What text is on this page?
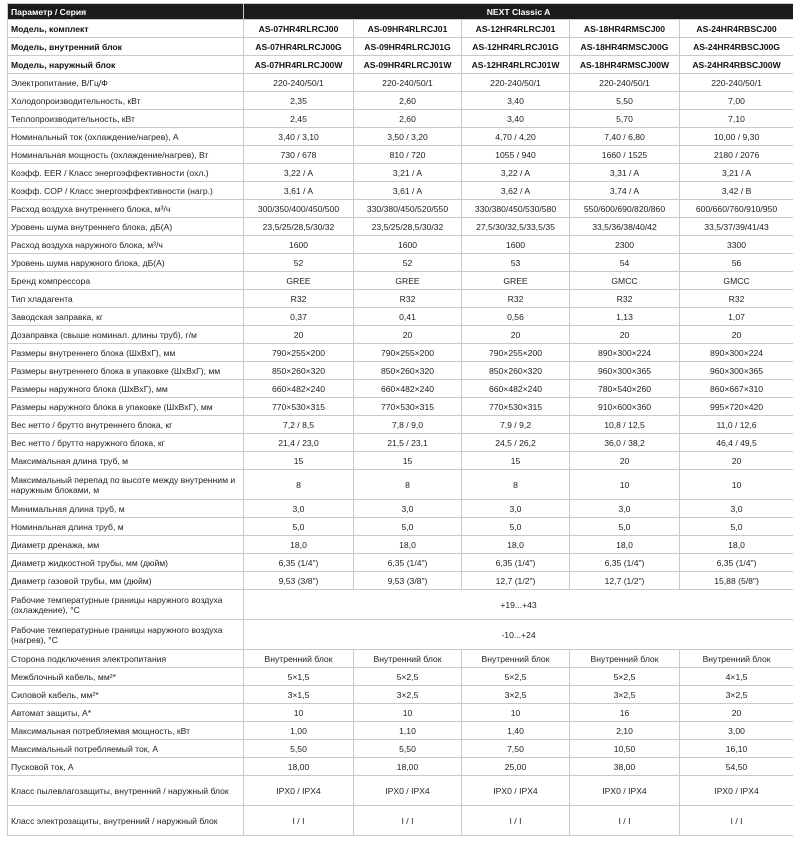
Параметр / Серия	NEXT Classic A				
Модель, комплект	AS-07HR4RLRCJ00	AS-09HR4RLRCJ01	AS-12HR4RLRCJ01	AS-18HR4RMSCJ00	AS-24HR4RBSCJ00
Модель, внутренний блок	AS-07HR4RLRCJ00G	AS-09HR4RLRCJ01G	AS-12HR4RLRCJ01G	AS-18HR4RMSCJ00G	AS-24HR4RBSCJ00G
Модель, наружный блок	AS-07HR4RLRCJ00W	AS-09HR4RLRCJ01W	AS-12HR4RLRCJ01W	AS-18HR4RMSCJ00W	AS-24HR4RBSCJ00W
Электропитание, В/Гц/Ф	220-240/50/1	220-240/50/1	220-240/50/1	220-240/50/1	220-240/50/1
Холодопроизводительность, кВт	2,35	2,60	3,40	5,50	7,00
Теплопроизводительность, кВт	2,45	2,60	3,40	5,70	7,10
Номинальный ток (охлаждение/нагрев), А	3,40 / 3,10	3,50 / 3,20	4,70 / 4,20	7,40 / 6,80	10,00 / 9,30
Номинальная мощность (охлаждение/нагрев), Вт	730 / 678	810 / 720	1055 / 940	1660 / 1525	2180 / 2076
Коэфф. EER / Класс энергоэффективности (охл.)	3,22 / A	3,21 / A	3,22 / A	3,31 / A	3,21 / A
Коэфф. COP / Класс энергоэффективности (нагр.)	3,61 / A	3,61 / A	3,62 / A	3,74 / A	3,42 / B
Расход воздуха внутреннего блока, м³/ч	300/350/400/450/500	330/380/450/520/550	330/380/450/530/580	550/600/690/820/860	600/660/760/910/950
Уровень шума внутреннего блока, дБ(А)	23,5/25/28,5/30/32	23,5/25/28,5/30/32	27,5/30/32,5/33,5/35	33,5/36/38/40/42	33,5/37/39/41/43
Расход воздуха наружного блока, м³/ч	1600	1600	1600	2300	3300
Уровень шума наружного блока, дБ(А)	52	52	53	54	56
Бренд компрессора	GREE	GREE	GREE	GMCC	GMCC
Тип хладагента	R32	R32	R32	R32	R32
Заводская заправка, кг	0,37	0,41	0,56	1,13	1,07
Дозаправка (свыше номинал. длины труб), г/м	20	20	20	20	20
Размеры внутреннего блока (ШxВxГ), мм	790×255×200	790×255×200	790×255×200	890×300×224	890×300×224
Размеры внутреннего блока в упаковке (ШxВxГ), мм	850×260×320	850×260×320	850×260×320	960×300×365	960×300×365
Размеры наружного блока (ШxВxГ), мм	660×482×240	660×482×240	660×482×240	780×540×260	860×667×310
Размеры наружного блока в упаковке (ШxВxГ), мм	770×530×315	770×530×315	770×530×315	910×600×360	995×720×420
Вес нетто / брутто внутреннего блока, кг	7,2 / 8,5	7,8 / 9,0	7,9 / 9,2	10,8 / 12,5	11,0 / 12,6
Вес нетто / брутто наружного блока, кг	21,4 / 23,0	21,5 / 23,1	24,5 / 26,2	36,0 / 38,2	46,4 / 49,5
Максимальная длина труб, м	15	15	15	20	20
Максимальный перепад по высоте между внутренним и наружным блоками, м	8	8	8	10	10
Минимальная длина труб, м	3,0	3,0	3,0	3,0	3,0
Номинальная длина труб, м	5,0	5,0	5,0	5,0	5,0
Диаметр дренажа, мм	18,0	18,0	18,0	18,0	18,0
Диаметр жидкостной трубы, мм (дюйм)	6,35 (1/4")	6,35 (1/4")	6,35 (1/4")	6,35 (1/4")	6,35 (1/4")
Диаметр газовой трубы, мм (дюйм)	9,53 (3/8")	9,53 (3/8")	12,7 (1/2")	12,7 (1/2")	15,88 (5/8")
Рабочие температурные границы наружного воздуха (охлаждение), °С	+19...+43				
Рабочие температурные границы наружного воздуха (нагрев), °С	-10...+24				
Сторона подключения электропитания	Внутренний блок	Внутренний блок	Внутренний блок	Внутренний блок	Внутренний блок
Межблочный кабель, мм²*	5×1,5	5×2,5	5×2,5	5×2,5	4×1,5
Силовой кабель, мм²*	3×1,5	3×2,5	3×2,5	3×2,5	3×2,5
Автомат защиты, А*	10	10	10	16	20
Максимальная потребляемая мощность, кВт	1,00	1,10	1,40	2,10	3,00
Максимальный потребляемый ток, А	5,50	5,50	7,50	10,50	16,10
Пусковой ток, А	18,00	18,00	25,00	38,00	54,50
Класс пылевлагозащиты, внутренний / наружный блок	IPX0 / IPX4	IPX0 / IPX4	IPX0 / IPX4	IPX0 / IPX4	IPX0 / IPX4
Класс электрозащиты, внутренний / наружный блок	I / I	I / I	I / I	I / I	I / I
